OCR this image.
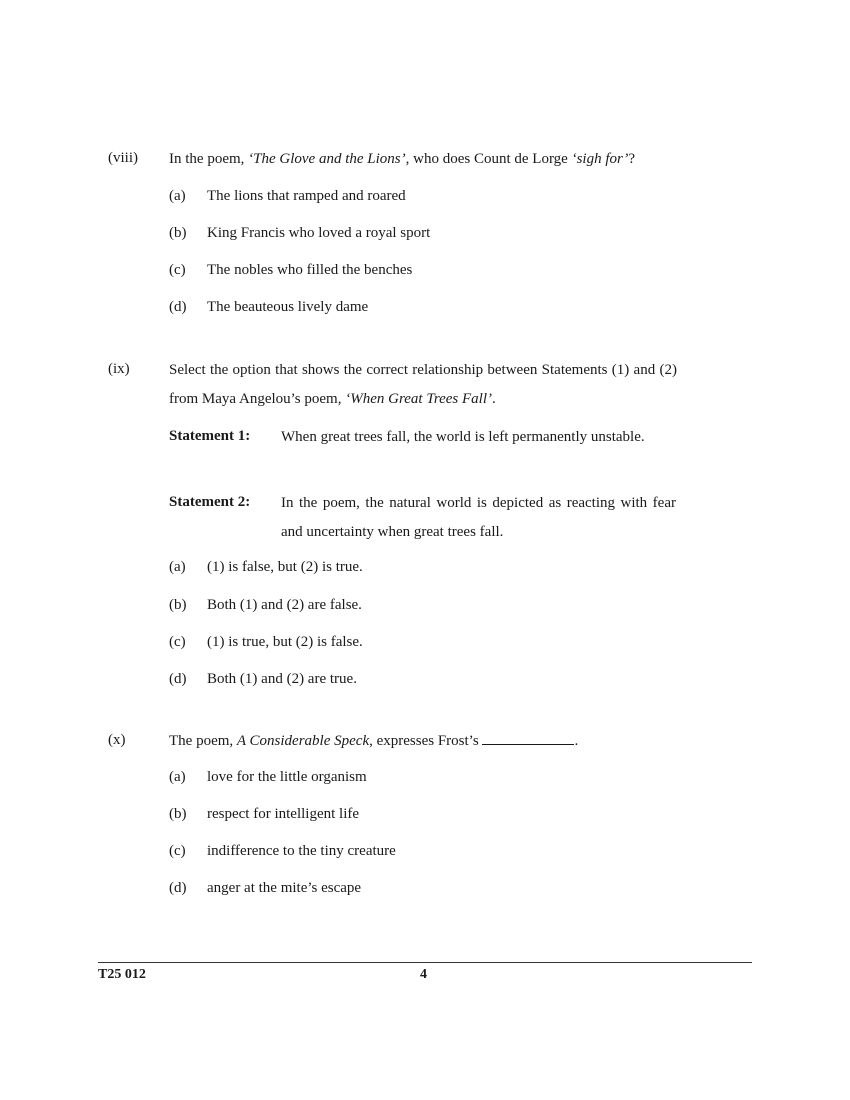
(viii) In the poem, ‘The Glove and the Lions’, who does Count de Lorge ‘sigh for’?
(a) The lions that ramped and roared
(b) King Francis who loved a royal sport
(c) The nobles who filled the benches
(d) The beauteous lively dame
(ix)	Select the option that shows the correct relationship between Statements (1) and (2) from Maya Angelou’s poem, ‘When Great Trees Fall’.
Statement 1: When great trees fall, the world is left permanently unstable.
Statement 2: In the poem, the natural world is depicted as reacting with fear and uncertainty when great trees fall.
(a) (1) is false, but (2) is true.
(b) Both (1) and (2) are false.
(c) (1) is true, but (2) is false.
(d) Both (1) and (2) are true.
(x)	The poem, A Considerable Speck, expresses Frost’s	.
(a) love for the little organism
(b) respect for intelligent life
(c) indifference to the tiny creature
(d) anger at the mite’s escape
T25 012	4
